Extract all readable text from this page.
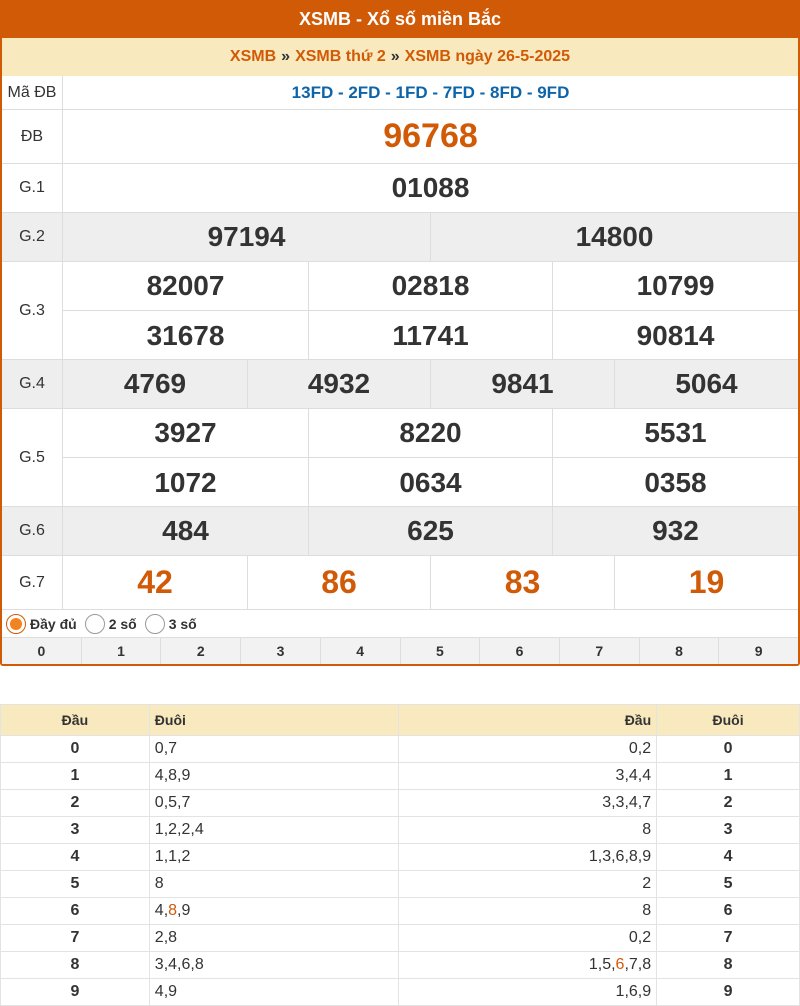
XSMB - Xổ số miền Bắc
XSMB » XSMB thứ 2 » XSMB ngày 26-5-2025
Mã ĐB	13FD - 2FD - 1FD - 7FD - 8FD - 9FD
ĐB	96768
G.1	01088
G.2	97194	14800
G.3
82007	02818	10799
31678	11741	90814
G.4	4769	4932	9841	5064
G.5
3927	8220	5531
1072	0634	0358
G.6	484	625	932
G.7	42	86	83	19
Đầy đủ 2 số 3 số
0	1	2	3	4	5	6	7	8	9
Đầu	Đuôi	Đầu	Đuôi
0	0,7	0,2	0
1	4,8,9	3,4,4	1
2	0,5,7	3,3,4,7	2
3	1,2,2,4	8	3
4	1,1,2	1,3,6,8,9	4
5	8	2	5
6	4,8,9	8	6
7	2,8	0,2	7
8	3,4,6,8	1,5,6,7,8	8
9	4,9	1,6,9	9
